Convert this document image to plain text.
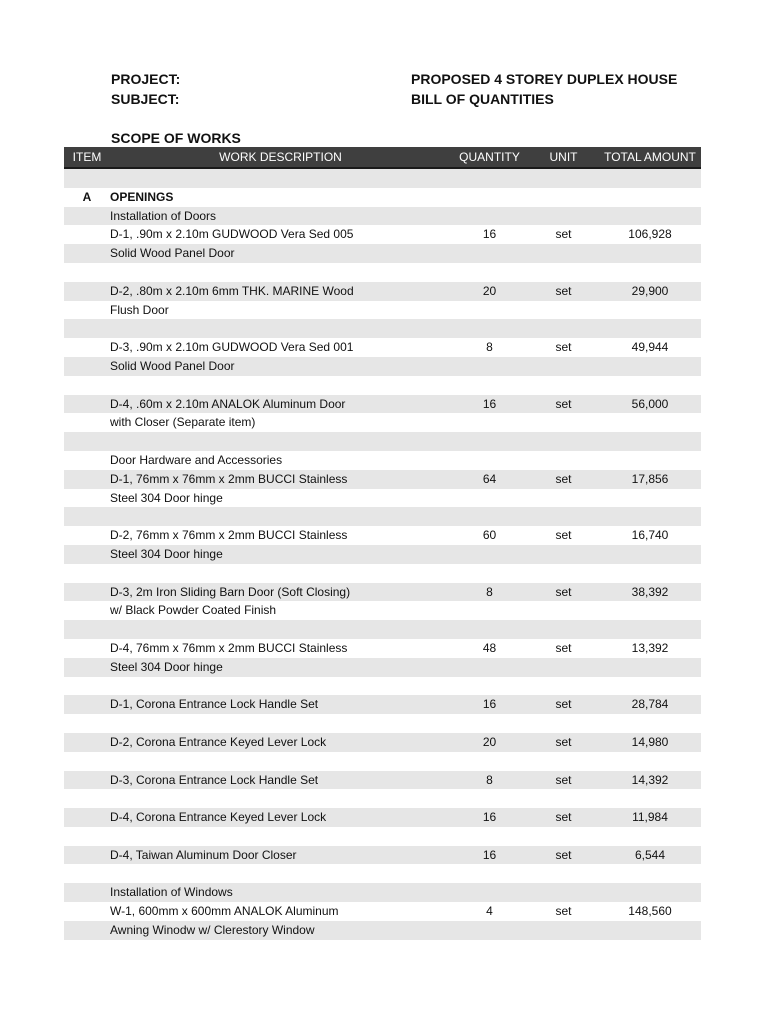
PROJECT:	PROPOSED 4 STOREY DUPLEX HOUSE
SUBJECT:	BILL OF QUANTITIES
SCOPE OF WORKS
ITEM	WORK DESCRIPTION	QUANTITY	UNIT	TOTAL AMOUNT

A	OPENINGS			
	Installation of Doors			
	D-1, .90m x 2.10m GUDWOOD Vera Sed 005	16	set	106,928
	Solid Wood Panel Door			

	D-2, .80m x 2.10m 6mm THK. MARINE Wood	20	set	29,900
	Flush Door			

	D-3, .90m x 2.10m GUDWOOD Vera Sed 001	8	set	49,944
	Solid Wood Panel Door			

	D-4, .60m x 2.10m ANALOK Aluminum Door	16	set	56,000
	with Closer (Separate item)			

	Door Hardware and Accessories			
	D-1, 76mm x 76mm x 2mm BUCCI Stainless	64	set	17,856
	Steel 304 Door hinge			

	D-2, 76mm x 76mm x 2mm BUCCI Stainless	60	set	16,740
	Steel 304 Door hinge			

	D-3, 2m Iron Sliding Barn Door (Soft Closing)	8	set	38,392
	w/ Black Powder Coated Finish			

	D-4, 76mm x 76mm x 2mm BUCCI Stainless	48	set	13,392
	Steel 304 Door hinge			

	D-1, Corona Entrance Lock Handle Set	16	set	28,784

	D-2, Corona Entrance Keyed Lever Lock	20	set	14,980

	D-3, Corona Entrance Lock Handle Set	8	set	14,392

	D-4, Corona Entrance Keyed Lever Lock	16	set	11,984

	D-4, Taiwan Aluminum Door Closer	16	set	6,544

	Installation of Windows			
	W-1, 600mm x 600mm ANALOK Aluminum	4	set	148,560
	Awning Winodw w/ Clerestory Window			
